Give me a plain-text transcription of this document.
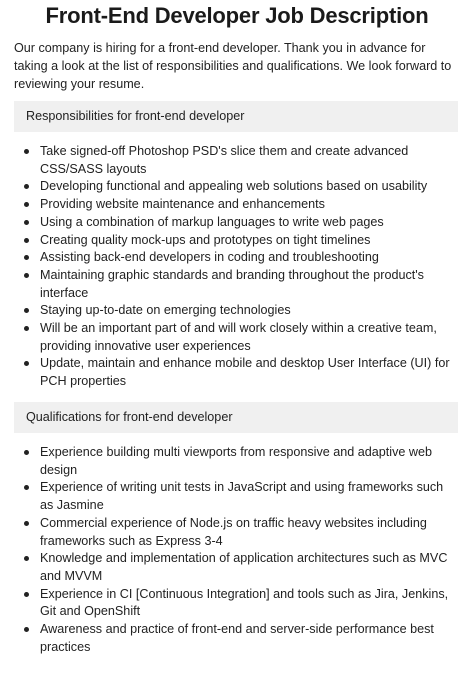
Front-End Developer Job Description
Our company is hiring for a front-end developer. Thank you in advance for taking a look at the list of responsibilities and qualifications. We look forward to reviewing your resume.
Responsibilities for front-end developer
Take signed-off Photoshop PSD's slice them and create advanced CSS/SASS layouts
Developing functional and appealing web solutions based on usability
Providing website maintenance and enhancements
Using a combination of markup languages to write web pages
Creating quality mock-ups and prototypes on tight timelines
Assisting back-end developers in coding and troubleshooting
Maintaining graphic standards and branding throughout the product's interface
Staying up-to-date on emerging technologies
Will be an important part of and will work closely within a creative team, providing innovative user experiences
Update, maintain and enhance mobile and desktop User Interface (UI) for PCH properties
Qualifications for front-end developer
Experience building multi viewports from responsive and adaptive web design
Experience of writing unit tests in JavaScript and using frameworks such as Jasmine
Commercial experience of Node.js on traffic heavy websites including frameworks such as Express 3-4
Knowledge and implementation of application architectures such as MVC and MVVM
Experience in CI [Continuous Integration] and tools such as Jira, Jenkins, Git and OpenShift
Awareness and practice of front-end and server-side performance best practices
